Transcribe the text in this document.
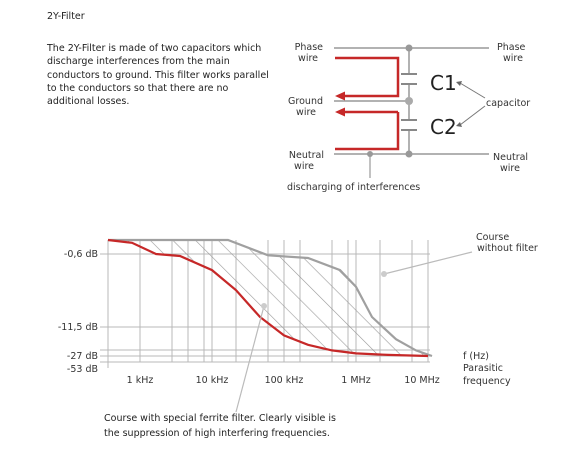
2Y-Filter
The 2Y-Filter is made of two capacitors which discharge interferences from the main conductors to ground. This filter works parallel to the conductors so that there are no additional losses.
Phase
wire
Ground
wire
Neutral
wire
Phase
wire
Neutral
wire
C1
C2
capacitor
discharging of interferences
1 kHz	10 kHz	100 kHz	1 MHz	10 MHz
-0,6 dB
-11,5 dB
-27 dB
-53 dB
Course
without filter
f (Hz)
Parasitic
frequency
Course with special ferrite filter. Clearly visible is the suppression of high interfering frequencies.
